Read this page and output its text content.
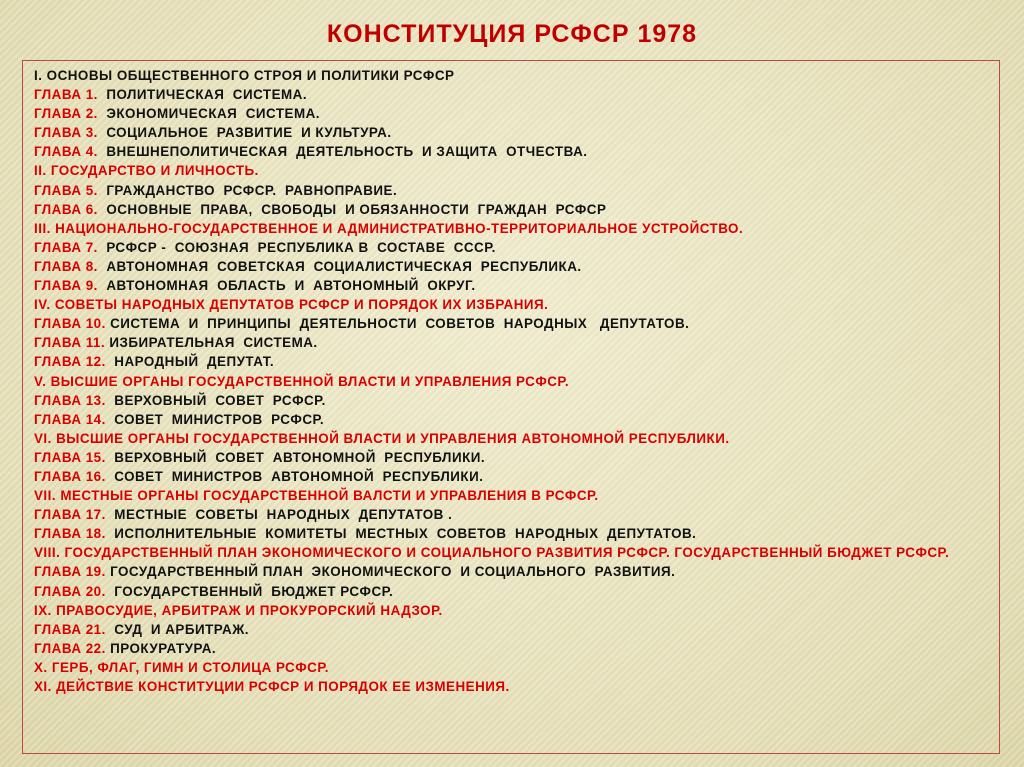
КОНСТИТУЦИЯ РСФСР 1978

I. ОСНОВЫ ОБЩЕСТВЕННОГО СТРОЯ И ПОЛИТИКИ РСФСР

ГЛАВА 1.  ПОЛИТИЧЕСКАЯ  СИСТЕМА.

ГЛАВА 2.  ЭКОНОМИЧЕСКАЯ  СИСТЕМА.

ГЛАВА 3.  СОЦИАЛЬНОЕ  РАЗВИТИЕ  И КУЛЬТУРА.

ГЛАВА 4.  ВНЕШНЕПОЛИТИЧЕСКАЯ  ДЕЯТЕЛЬНОСТЬ  И ЗАЩИТА  ОТЧЕСТВА.

II. ГОСУДАРСТВО И ЛИЧНОСТЬ.

ГЛАВА 5.  ГРАЖДАНСТВО  РСФСР.  РАВНОПРАВИЕ.

ГЛАВА 6.  ОСНОВНЫЕ  ПРАВА,  СВОБОДЫ  И ОБЯЗАННОСТИ  ГРАЖДАН  РСФСР

III. НАЦИОНАЛЬНО-ГОСУДАРСТВЕННОЕ И АДМИНИСТРАТИВНО-ТЕРРИТОРИАЛЬНОЕ УСТРОЙСТВО.

ГЛАВА 7.  РСФСР -  СОЮЗНАЯ  РЕСПУБЛИКА В  СОСТАВЕ  СССР.

ГЛАВА 8.  АВТОНОМНАЯ  СОВЕТСКАЯ  СОЦИАЛИСТИЧЕСКАЯ  РЕСПУБЛИКА.

ГЛАВА 9.  АВТОНОМНАЯ  ОБЛАСТЬ  И  АВТОНОМНЫЙ  ОКРУГ.

IV. СОВЕТЫ НАРОДНЫХ ДЕПУТАТОВ РСФСР И ПОРЯДОК ИХ ИЗБРАНИЯ.

ГЛАВА 10. СИСТЕМА  И  ПРИНЦИПЫ  ДЕЯТЕЛЬНОСТИ  СОВЕТОВ  НАРОДНЫХ   ДЕПУТАТОВ.

ГЛАВА 11. ИЗБИРАТЕЛЬНАЯ  СИСТЕМА.

ГЛАВА 12.  НАРОДНЫЙ  ДЕПУТАТ.

V. ВЫСШИЕ ОРГАНЫ ГОСУДАРСТВЕННОЙ ВЛАСТИ И УПРАВЛЕНИЯ РСФСР.

ГЛАВА 13.  ВЕРХОВНЫЙ  СОВЕТ  РСФСР.

ГЛАВА 14.  СОВЕТ  МИНИСТРОВ  РСФСР.

VI. ВЫСШИЕ ОРГАНЫ ГОСУДАРСТВЕННОЙ ВЛАСТИ И УПРАВЛЕНИЯ АВТОНОМНОЙ РЕСПУБЛИКИ.

ГЛАВА 15.  ВЕРХОВНЫЙ  СОВЕТ  АВТОНОМНОЙ  РЕСПУБЛИКИ.

ГЛАВА 16.  СОВЕТ  МИНИСТРОВ  АВТОНОМНОЙ  РЕСПУБЛИКИ.

VII. МЕСТНЫЕ ОРГАНЫ ГОСУДАРСТВЕННОЙ ВАЛСТИ И УПРАВЛЕНИЯ В РСФСР.

ГЛАВА 17.  МЕСТНЫЕ  СОВЕТЫ  НАРОДНЫХ  ДЕПУТАТОВ .

ГЛАВА 18.  ИСПОЛНИТЕЛЬНЫЕ  КОМИТЕТЫ  МЕСТНЫХ  СОВЕТОВ  НАРОДНЫХ  ДЕПУТАТОВ.

VIII. ГОСУДАРСТВЕННЫЙ ПЛАН ЭКОНОМИЧЕСКОГО И СОЦИАЛЬНОГО РАЗВИТИЯ РСФСР. ГОСУДАРСТВЕННЫЙ БЮДЖЕТ РСФСР.

ГЛАВА 19. ГОСУДАРСТВЕННЫЙ ПЛАН  ЭКОНОМИЧЕСКОГО  И СОЦИАЛЬНОГО  РАЗВИТИЯ.

ГЛАВА 20.  ГОСУДАРСТВЕННЫЙ  БЮДЖЕТ РСФСР.

IX. ПРАВОСУДИЕ, АРБИТРАЖ И ПРОКУРОРСКИЙ НАДЗОР.

ГЛАВА 21.  СУД  И АРБИТРАЖ.

ГЛАВА 22. ПРОКУРАТУРА.

X. ГЕРБ, ФЛАГ, ГИМН И СТОЛИЦА РСФСР.

XI. ДЕЙСТВИЕ КОНСТИТУЦИИ РСФСР И ПОРЯДОК ЕЕ ИЗМЕНЕНИЯ.
